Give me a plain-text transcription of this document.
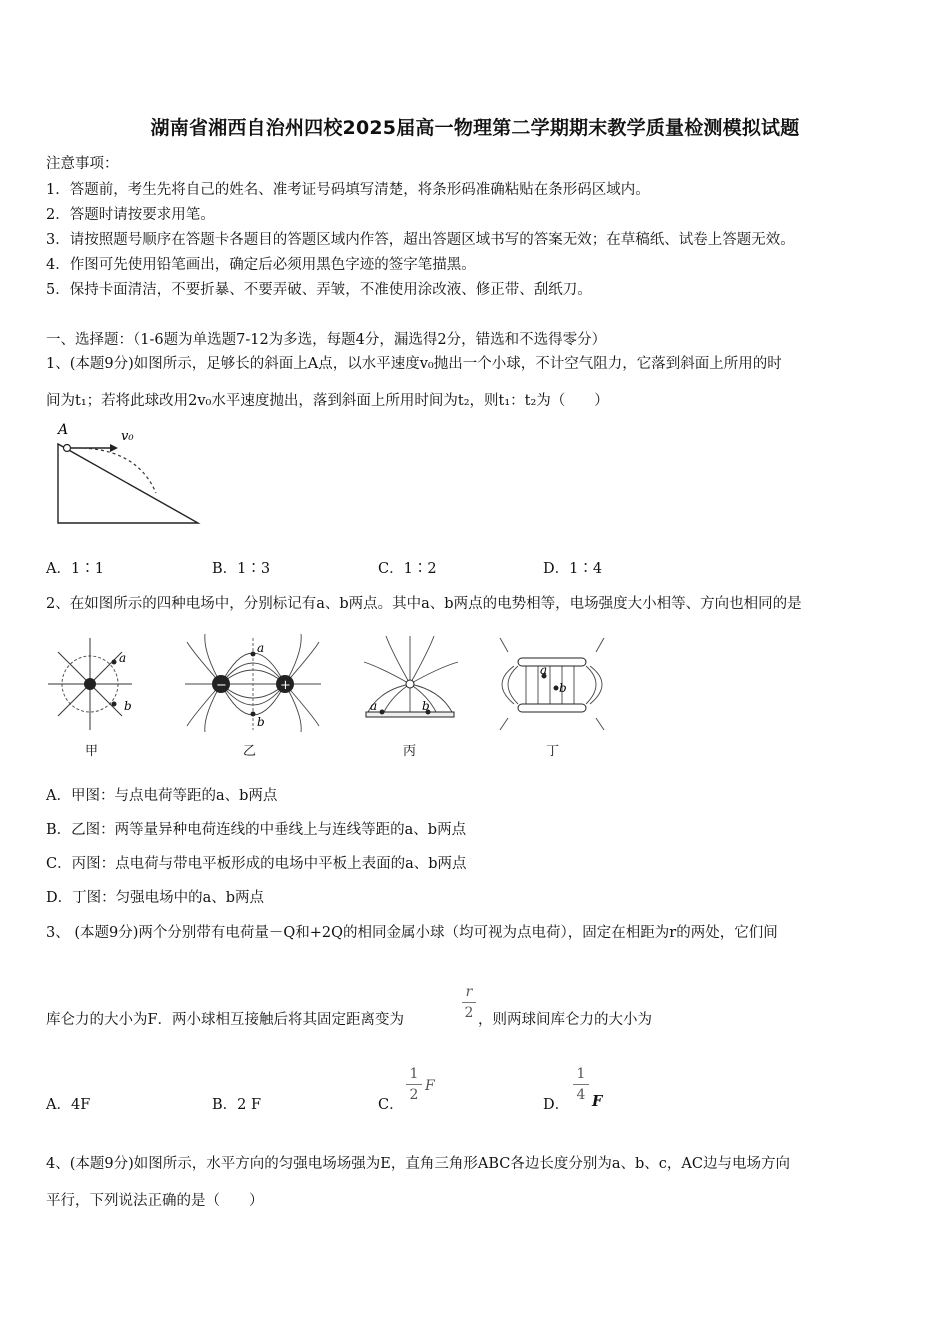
湖南省湘西自治州四校2025届高一物理第二学期期末教学质量检测模拟试题
注意事项：
1．答题前，考生先将自己的姓名、准考证号码填写清楚，将条形码准确粘贴在条形码区域内。
2．答题时请按要求用笔。
3．请按照题号顺序在答题卡各题目的答题区域内作答，超出答题区域书写的答案无效；在草稿纸、试卷上答题无效。
4．作图可先使用铅笔画出，确定后必须用黑色字迹的签字笔描黑。
5．保持卡面清洁，不要折暴、不要弄破、弄皱，不准使用涂改液、修正带、刮纸刀。
一、选择题：（1-6题为单选题7-12为多选，每题4分，漏选得2分，错选和不选得零分）
1、(本题9分)如图所示，足够长的斜面上A点，以水平速度v₀抛出一个小球，不计空气阻力，它落到斜面上所用的时
间为t₁；若将此球改用2v₀水平速度抛出，落到斜面上所用时间为t₂，则t₁：t₂为（　　）
A	v₀
A．1∶1	B．1∶3	C．1∶2	D．1∶4
2、在如图所示的四种电场中，分别标记有a、b两点。其中a、b两点的电势相等，电场强度大小相等、方向也相同的是
a
b
甲
−	+
a
b
乙
a	b
丙
a
b
丁
A．甲图：与点电荷等距的a、b两点
B．乙图：两等量异种电荷连线的中垂线上与连线等距的a、b两点
C．丙图：点电荷与带电平板形成的电场中平板上表面的a、b两点
D．丁图：匀强电场中的a、b两点
3、 (本题9分)两个分别带有电荷量－Q和+2Q的相同金属小球（均可视为点电荷），固定在相距为r的两处，它们间
库仑力的大小为F．两小球相互接触后将其固定距离变为
r
2 ，则两球间库仑力的大小为
A．4F	B．2 F	C．
1
2
F
D．
1
4 F
4、(本题9分)如图所示，水平方向的匀强电场场强为E，直角三角形ABC各边长度分别为a、b、c，AC边与电场方向
平行，下列说法正确的是（　　）
